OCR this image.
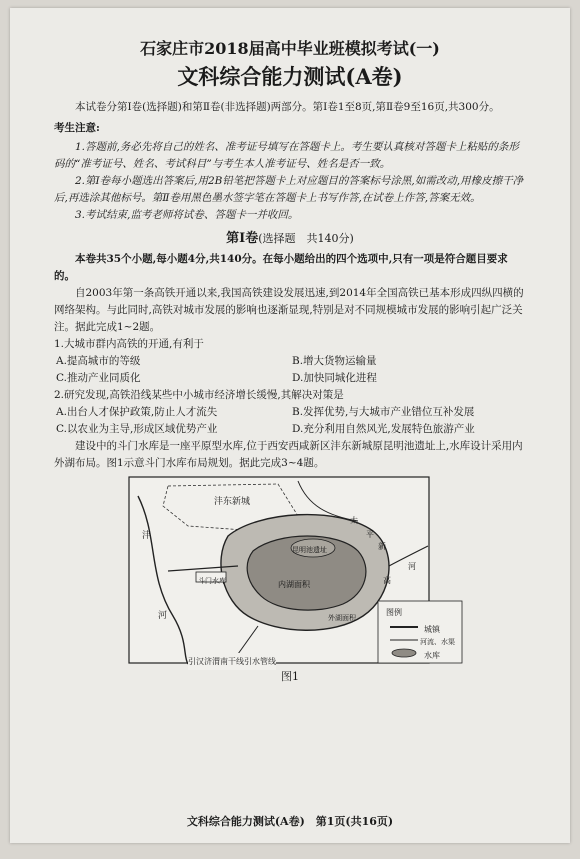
石家庄市2018届高中毕业班模拟考试(一)
文科综合能力测试(A卷)

本试卷分第Ⅰ卷(选择题)和第Ⅱ卷(非选择题)两部分。第Ⅰ卷1至8页,第Ⅱ卷9至16页,共300分。

考生注意:

1.答题前,务必先将自己的姓名、准考证号填写在答题卡上。考生要认真核对答题卡上粘贴的条形码的“准考证号、姓名、考试科目”与考生本人准考证号、姓名是否一致。

2.第Ⅰ卷每小题选出答案后,用2B铅笔把答题卡上对应题目的答案标号涂黑,如需改动,用橡皮擦干净后,再选涂其他标号。第Ⅱ卷用黑色墨水签字笔在答题卡上书写作答,在试卷上作答,答案无效。

3.考试结束,监考老师将试卷、答题卡一并收回。

第Ⅰ卷(选择题　共140分)

本卷共35个小题,每小题4分,共140分。在每小题给出的四个选项中,只有一项是符合题目要求的。

自2003年第一条高铁开通以来,我国高铁建设发展迅速,到2014年全国高铁已基本形成四纵四横的网络架构。与此同时,高铁对城市发展的影响也逐渐显现,特别是对不同规模城市发展的影响引起广泛关注。据此完成1~2题。

1.大城市群内高铁的开通,有利于

A.提高城市的等级	B.增大货物运输量
C.推动产业同质化	D.加快同城化进程

2.研究发现,高铁沿线某些中小城市经济增长缓慢,其解决对策是

A.出台人才保护政策,防止人才流失	B.发挥优势,与大城市产业错位互补发展
C.以农业为主导,形成区域优势产业	D.充分利用自然风光,发展特色旅游产业

建设中的斗门水库是一座平原型水库,位于西安西咸新区沣东新城原昆明池遗址上,水库设计采用内外湖布局。图1示意斗门水库布局规划。据此完成3~4题。

沣东新城
沣
河
昆明池遗址
斗门水库	内湖面积
外湖面积
引汉济渭南干线引水管线
太
平
河
高
新
图例
城镇
河流、水渠
水库
图1
文科综合能力测试(A卷)　第1页(共16页)
